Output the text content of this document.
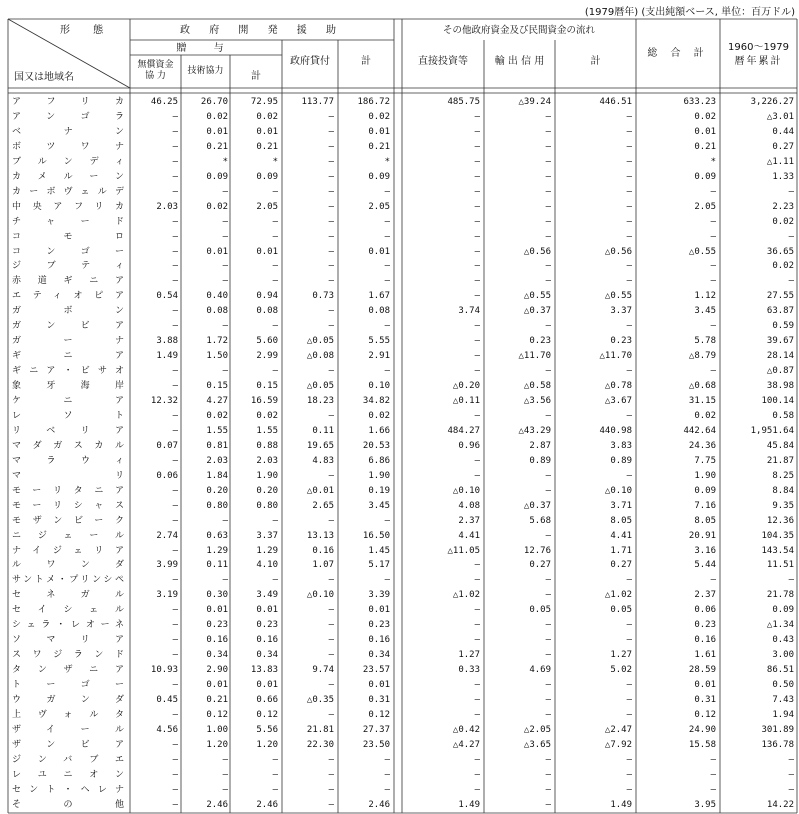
(1979暦年) (支出純額ベース, 単位：百万ドル)
形 態
国又は地域名
政 府 開 発 援 助
贈 与
無償資金
協 力	技術協力	計
政府貸付	計
その他政府資金及び民間資金の流れ
直接投資等	輸 出 信 用	計
総 合 計
1960～1979
暦年累計
アフリカ	46.25	26.70	72.95	113.77	186.72	485.75	△39.24	446.51	633.23	3,226.27
アンゴラ	—	0.02	0.02	—	0.02	—	—	—	0.02	△3.01
ベナン	—	0.01	0.01	—	0.01	—	—	—	0.01	0.44
ボツワナ	—	0.21	0.21	—	0.21	—	—	—	0.21	0.27
ブルンディ	—	*	*	—	*	—	—	—	*	△1.11
カメルーン	—	0.09	0.09	—	0.09	—	—	—	0.09	1.33
カーボヴェルデ	—	—	—	—	—	—	—	—	—	—
中央アフリカ	2.03	0.02	2.05	—	2.05	—	—	—	2.05	2.23
チャード	—	—	—	—	—	—	—	—	—	0.02
コモロ	—	—	—	—	—	—	—	—	—	—
コンゴー	—	0.01	0.01	—	0.01	—	△0.56	△0.56	△0.55	36.65
ジブティ	—	—	—	—	—	—	—	—	—	0.02
赤道ギニア	—	—	—	—	—	—	—	—	—	—
エティオピア	0.54	0.40	0.94	0.73	1.67	—	△0.55	△0.55	1.12	27.55
ガボン	—	0.08	0.08	—	0.08	3.74	△0.37	3.37	3.45	63.87
ガンビア	—	—	—	—	—	—	—	—	—	0.59
ガーナ	3.88	1.72	5.60	△0.05	5.55	—	0.23	0.23	5.78	39.67
ギニア	1.49	1.50	2.99	△0.08	2.91	—	△11.70	△11.70	△8.79	28.14
ギニア・ビサオ	—	—	—	—	—	—	—	—	—	△0.87
象牙海岸	—	0.15	0.15	△0.05	0.10	△0.20	△0.58	△0.78	△0.68	38.98
ケニア	12.32	4.27	16.59	18.23	34.82	△0.11	△3.56	△3.67	31.15	100.14
レソト	—	0.02	0.02	—	0.02	—	—	—	0.02	0.58
リベリア	—	1.55	1.55	0.11	1.66	484.27	△43.29	440.98	442.64	1,951.64
マダガスカル	0.07	0.81	0.88	19.65	20.53	0.96	2.87	3.83	24.36	45.84
マラウィ	—	2.03	2.03	4.83	6.86	—	0.89	0.89	7.75	21.87
マリ	0.06	1.84	1.90	—	1.90	—	—	—	1.90	8.25
モーリタニア	—	0.20	0.20	△0.01	0.19	△0.10	—	△0.10	0.09	8.84
モーリシャス	—	0.80	0.80	2.65	3.45	4.08	△0.37	3.71	7.16	9.35
モザンビーク	—	—	—	—	—	2.37	5.68	8.05	8.05	12.36
ニジェール	2.74	0.63	3.37	13.13	16.50	4.41	—	4.41	20.91	104.35
ナイジェリア	—	1.29	1.29	0.16	1.45	△11.05	12.76	1.71	3.16	143.54
ルワンダ	3.99	0.11	4.10	1.07	5.17	—	0.27	0.27	5.44	11.51
サントメ・プリンシペ	—	—	—	—	—	—	—	—	—	—
セネガル	3.19	0.30	3.49	△0.10	3.39	△1.02	—	△1.02	2.37	21.78
セイシェル	—	0.01	0.01	—	0.01	—	0.05	0.05	0.06	0.09
シェラ・レオーネ	—	0.23	0.23	—	0.23	—	—	—	0.23	△1.34
ソマリア	—	0.16	0.16	—	0.16	—	—	—	0.16	0.43
スワジランド	—	0.34	0.34	—	0.34	1.27	—	1.27	1.61	3.00
タンザニア	10.93	2.90	13.83	9.74	23.57	0.33	4.69	5.02	28.59	86.51
トーゴー	—	0.01	0.01	—	0.01	—	—	—	0.01	0.50
ウガンダ	0.45	0.21	0.66	△0.35	0.31	—	—	—	0.31	7.43
上ヴォルタ	—	0.12	0.12	—	0.12	—	—	—	0.12	1.94
ザイール	4.56	1.00	5.56	21.81	27.37	△0.42	△2.05	△2.47	24.90	301.89
ザンビア	—	1.20	1.20	22.30	23.50	△4.27	△3.65	△7.92	15.58	136.78
ジンバブエ	—	—	—	—	—	—	—	—	—	—
レユニオン	—	—	—	—	—	—	—	—	—	—
セント・ヘレナ	—	—	—	—	—	—	—	—	—	—
その他	—	2.46	2.46	—	2.46	1.49	—	1.49	3.95	14.22
